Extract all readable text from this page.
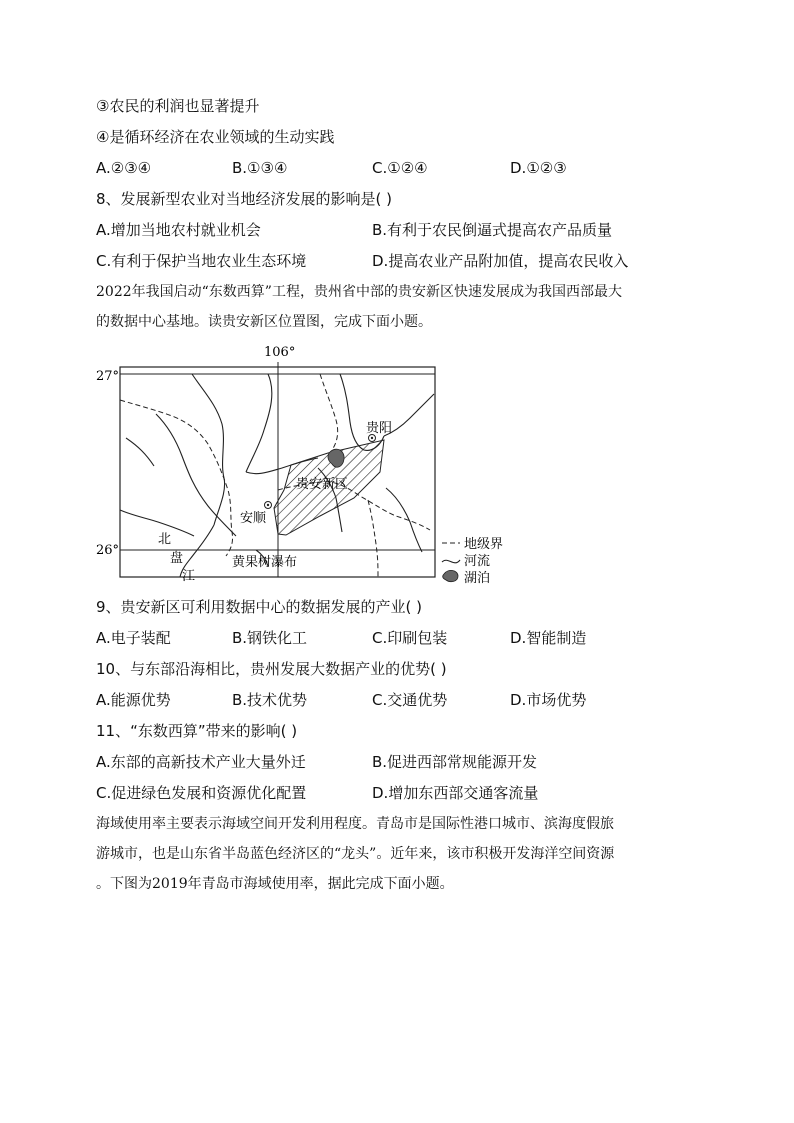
③农民的利润也显著提升
④是循环经济在农业领域的生动实践
A.②③④	B.①③④	C.①②④	D.①②③
8、发展新型农业对当地经济发展的影响是( )
A.增加当地农村就业机会	B.有利于农民倒逼式提高农产品质量
C.有利于保护当地农业生态环境	D.提高农业产品附加值，提高农民收入
2022年我国启动“东数西算”工程，贵州省中部的贵安新区快速发展成为我国西部最大
的数据中心基地。读贵安新区位置图，完成下面小题。
106°
27°
26°
贵阳
贵安新区
安顺
北
盘
江
黄果树瀑布
地级界
河流
湖泊
9、贵安新区可利用数据中心的数据发展的产业( )
A.电子装配	B.钢铁化工	C.印刷包装	D.智能制造
10、与东部沿海相比，贵州发展大数据产业的优势( )
A.能源优势	B.技术优势	C.交通优势	D.市场优势
11、“东数西算”带来的影响( )
A.东部的高新技术产业大量外迁	B.促进西部常规能源开发
C.促进绿色发展和资源优化配置	D.增加东西部交通客流量
海域使用率主要表示海域空间开发利用程度。青岛市是国际性港口城市、滨海度假旅
游城市，也是山东省半岛蓝色经济区的“龙头”。近年来，该市积极开发海洋空间资源
。下图为2019年青岛市海域使用率，据此完成下面小题。
